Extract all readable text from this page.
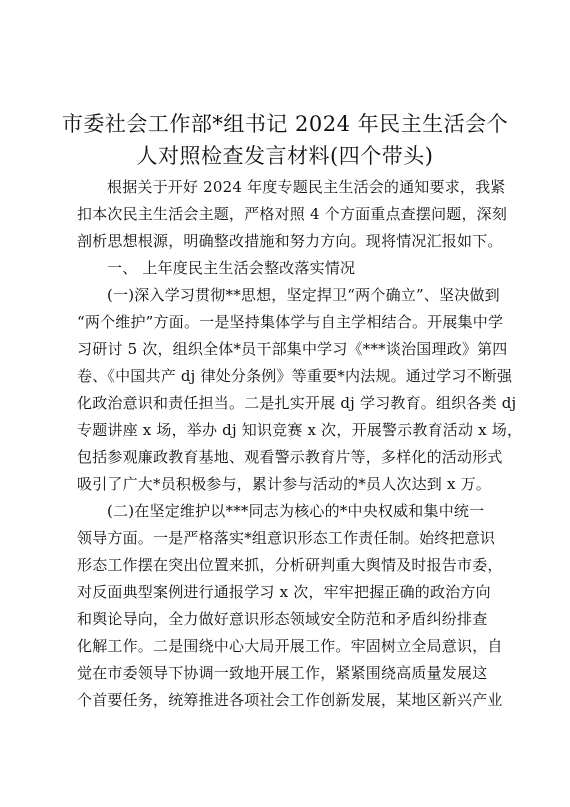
市委社会工作部*组书记 2024 年民主生活会个
人对照检查发言材料(四个带头)
根据关于开好 2024 年度专题民主生活会的通知要求，我紧
扣本次民主生活会主题，严格对照 4 个方面重点查摆问题，深刻
剖析思想根源，明确整改措施和努力方向。现将情况汇报如下。
一、 上年度民主生活会整改落实情况
(一)深入学习贯彻**思想，坚定捍卫“两个确立”、坚决做到
“两个维护”方面。一是坚持集体学与自主学相结合。开展集中学
习研讨 5 次，组织全体*员干部集中学习《***谈治国理政》第四
卷、《中国共产 dj 律处分条例》等重要*内法规。通过学习不断强
化政治意识和责任担当。二是扎实开展 dj 学习教育。组织各类 dj
专题讲座 x 场，举办 dj 知识竞赛 x 次，开展警示教育活动 x 场，
包括参观廉政教育基地、观看警示教育片等，多样化的活动形式
吸引了广大*员积极参与，累计参与活动的*员人次达到 x 万。
(二)在坚定维护以***同志为核心的*中央权威和集中统一
领导方面。一是严格落实*组意识形态工作责任制。始终把意识
形态工作摆在突出位置来抓，分析研判重大舆情及时报告市委，
对反面典型案例进行通报学习 x 次，牢牢把握正确的政治方向
和舆论导向，全力做好意识形态领域安全防范和矛盾纠纷排查
化解工作。二是围绕中心大局开展工作。牢固树立全局意识，自
觉在市委领导下协调一致地开展工作，紧紧围绕高质量发展这
个首要任务，统筹推进各项社会工作创新发展，某地区新兴产业
